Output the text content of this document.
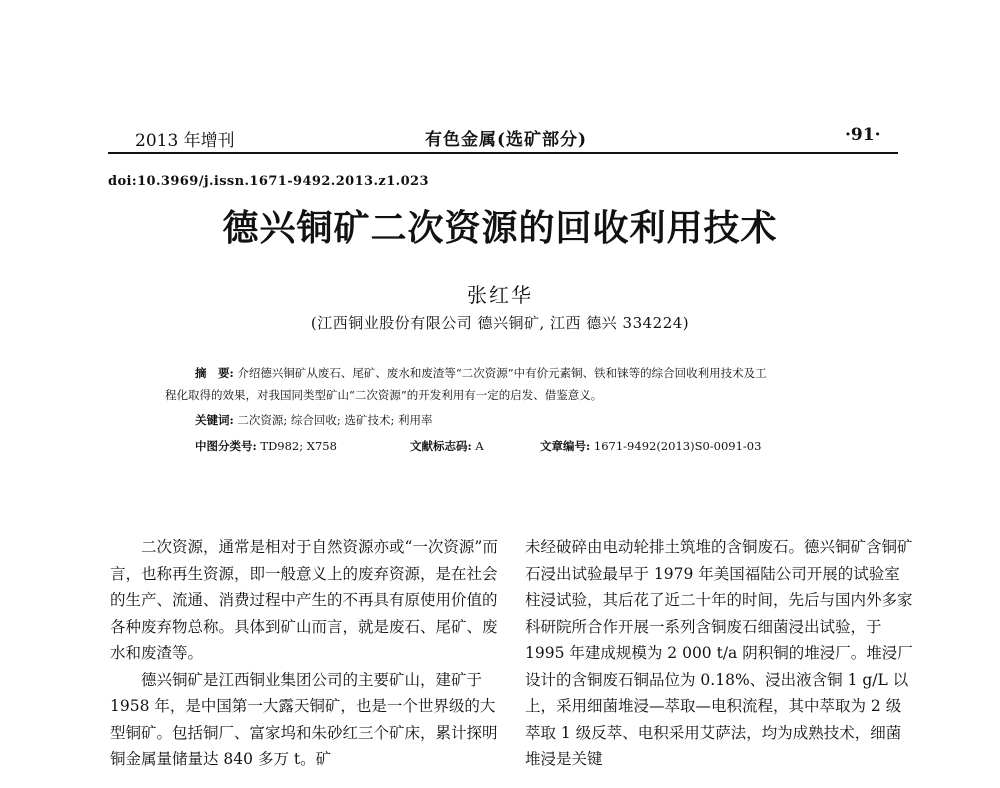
2013 年增刊	有色金属(选矿部分)	·91·
doi:10.3969/j.issn.1671-9492.2013.z1.023
德兴铜矿二次资源的回收利用技术
张红华
(江西铜业股份有限公司 德兴铜矿, 江西 德兴 334224)
摘　要: 介绍德兴铜矿从废石、尾矿、废水和废渣等“二次资源”中有价元素铜、铁和铼等的综合回收利用技术及工
程化取得的效果，对我国同类型矿山“二次资源”的开发利用有一定的启发、借鉴意义。
关键词: 二次资源; 综合回收; 选矿技术; 利用率
中图分类号: TD982; X758	文献标志码: A	文章编号: 1671-9492(2013)S0-0091-03

二次资源，通常是相对于自然资源亦或“一次资源”而言，也称再生资源，即一般意义上的废弃资源，是在社会的生产、流通、消费过程中产生的不再具有原使用价值的各种废弃物总称。具体到矿山而言，就是废石、尾矿、废水和废渣等。

德兴铜矿是江西铜业集团公司的主要矿山，建矿于 1958 年，是中国第一大露天铜矿，也是一个世界级的大型铜矿。包括铜厂、富家坞和朱砂红三个矿床，累计探明铜金属量储量达 840 多万 t。矿

未经破碎由电动轮排土筑堆的含铜废石。德兴铜矿含铜矿石浸出试验最早于 1979 年美国福陆公司开展的试验室柱浸试验，其后花了近二十年的时间，先后与国内外多家科研院所合作开展一系列含铜废石细菌浸出试验，于 1995 年建成规模为 2 000 t/a 阴积铜的堆浸厂。堆浸厂设计的含铜废石铜品位为 0.18%、浸出液含铜 1 g/L 以上，采用细菌堆浸—萃取—电积流程，其中萃取为 2 级萃取 1 级反萃、电积采用艾萨法，均为成熟技术，细菌堆浸是关键
